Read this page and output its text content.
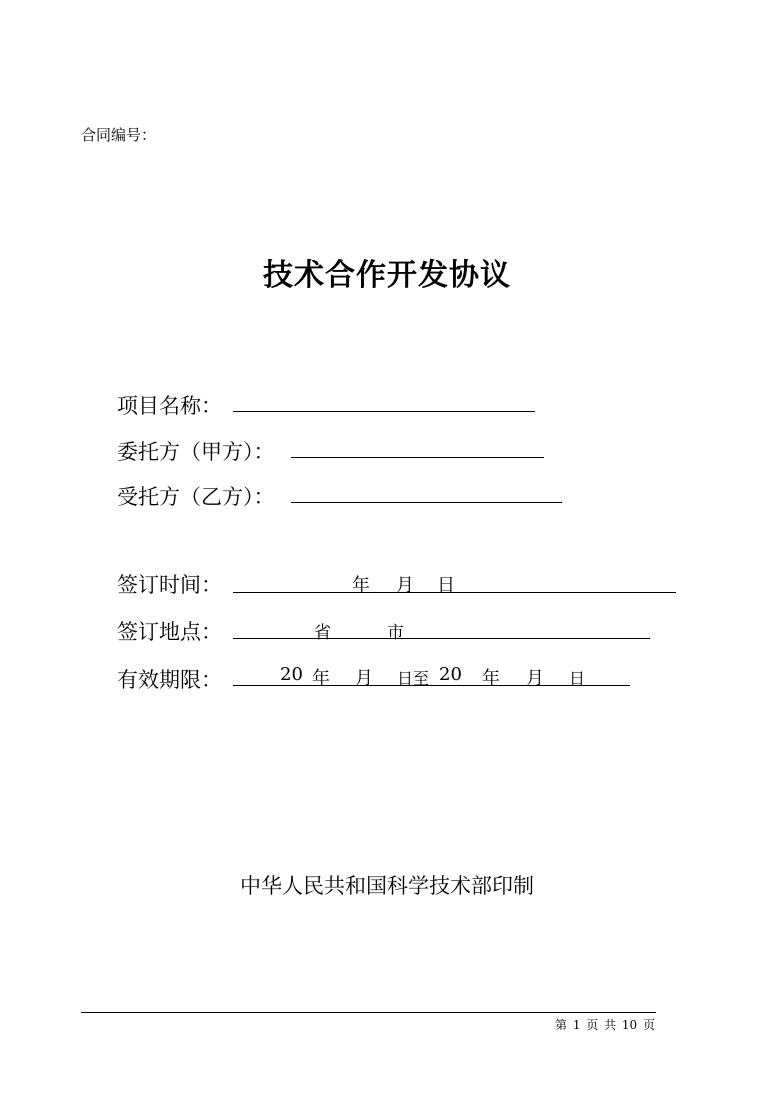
合同编号：
技术合作开发协议
项目名称：
委托方（甲方）：
受托方（乙方）：
签订时间：	年 月 日
签订地点：	省	市
有效期限：	20 年 月 日至 20 年 月 日
中华人民共和国科学技术部印制
第 1 页 共 10 页
